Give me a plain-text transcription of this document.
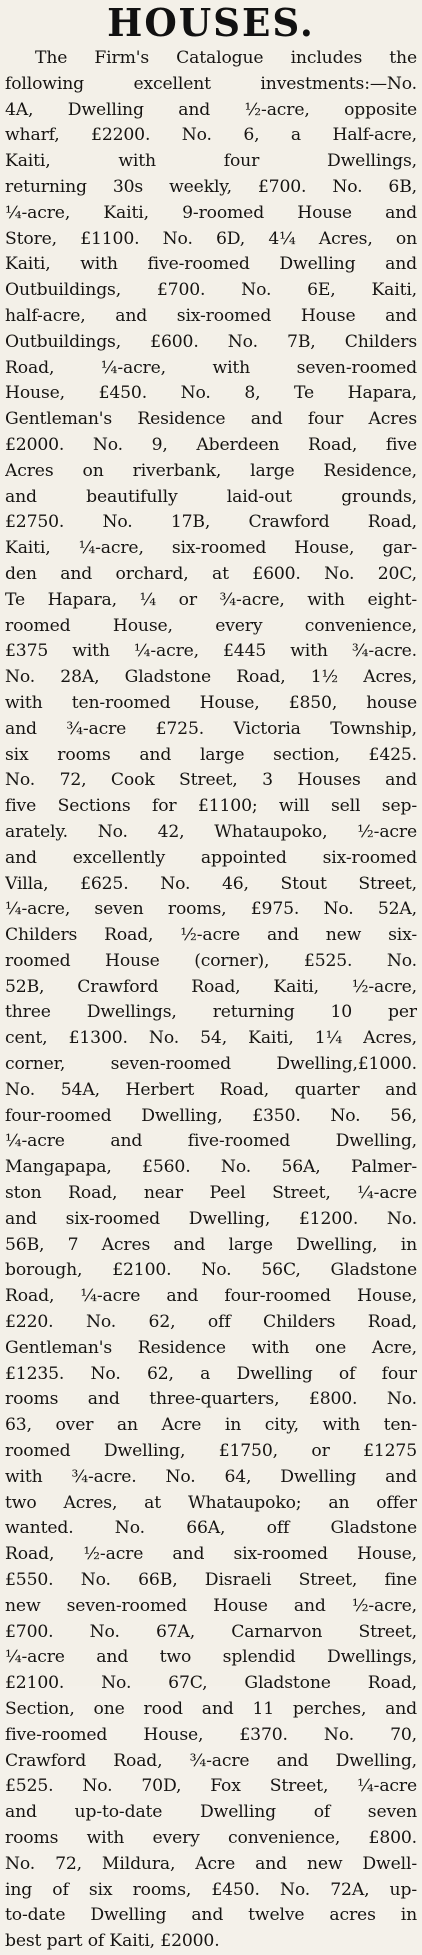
HOUSES.
The Firm's Catalogue includes the
following excellent investments:—No.
4A, Dwelling and ½-acre, opposite
wharf, £2200. No. 6, a Half-acre,
Kaiti, with four Dwellings,
returning 30s weekly, £700. No. 6B,
¼-acre, Kaiti, 9-roomed House and
Store, £1100. No. 6D, 4¼ Acres, on
Kaiti, with five-roomed Dwelling and
Outbuildings, £700. No. 6E, Kaiti,
half-acre, and six-roomed House and
Outbuildings, £600. No. 7B, Childers
Road, ¼-acre, with seven-roomed
House, £450. No. 8, Te Hapara,
Gentleman's Residence and four Acres
£2000. No. 9, Aberdeen Road, five
Acres on riverbank, large Residence,
and beautifully laid-out grounds,
£2750. No. 17B, Crawford Road,
Kaiti, ¼-acre, six-roomed House, gar-
den and orchard, at £600. No. 20C,
Te Hapara, ¼ or ¾-acre, with eight-
roomed House, every convenience,
£375 with ¼-acre, £445 with ¾-acre.
No. 28A, Gladstone Road, 1½ Acres,
with ten-roomed House, £850, house
and ¾-acre £725. Victoria Township,
six rooms and large section, £425.
No. 72, Cook Street, 3 Houses and
five Sections for £1100; will sell sep-
arately. No. 42, Whataupoko, ½-acre
and excellently appointed six-roomed
Villa, £625. No. 46, Stout Street,
¼-acre, seven rooms, £975. No. 52A,
Childers Road, ½-acre and new six-
roomed House (corner), £525. No.
52B, Crawford Road, Kaiti, ½-acre,
three Dwellings, returning 10 per
cent, £1300. No. 54, Kaiti, 1¼ Acres,
corner, seven-roomed Dwelling,£1000.
No. 54A, Herbert Road, quarter and
four-roomed Dwelling, £350. No. 56,
¼-acre and five-roomed Dwelling,
Mangapapa, £560. No. 56A, Palmer-
ston Road, near Peel Street, ¼-acre
and six-roomed Dwelling, £1200. No.
56B, 7 Acres and large Dwelling, in
borough, £2100. No. 56C, Gladstone
Road, ¼-acre and four-roomed House,
£220. No. 62, off Childers Road,
Gentleman's Residence with one Acre,
£1235. No. 62, a Dwelling of four
rooms and three-quarters, £800. No.
63, over an Acre in city, with ten-
roomed Dwelling, £1750, or £1275
with ¾-acre. No. 64, Dwelling and
two Acres, at Whataupoko; an offer
wanted. No. 66A, off Gladstone
Road, ½-acre and six-roomed House,
£550. No. 66B, Disraeli Street, fine
new seven-roomed House and ½-acre,
£700. No. 67A, Carnarvon Street,
¼-acre and two splendid Dwellings,
£2100. No. 67C, Gladstone Road,
Section, one rood and 11 perches, and
five-roomed House, £370. No. 70,
Crawford Road, ¾-acre and Dwelling,
£525. No. 70D, Fox Street, ¼-acre
and up-to-date Dwelling of seven
rooms with every convenience, £800.
No. 72, Mildura, Acre and new Dwell-
ing of six rooms, £450. No. 72A, up-
to-date Dwelling and twelve acres in
best part of Kaiti, £2000.
